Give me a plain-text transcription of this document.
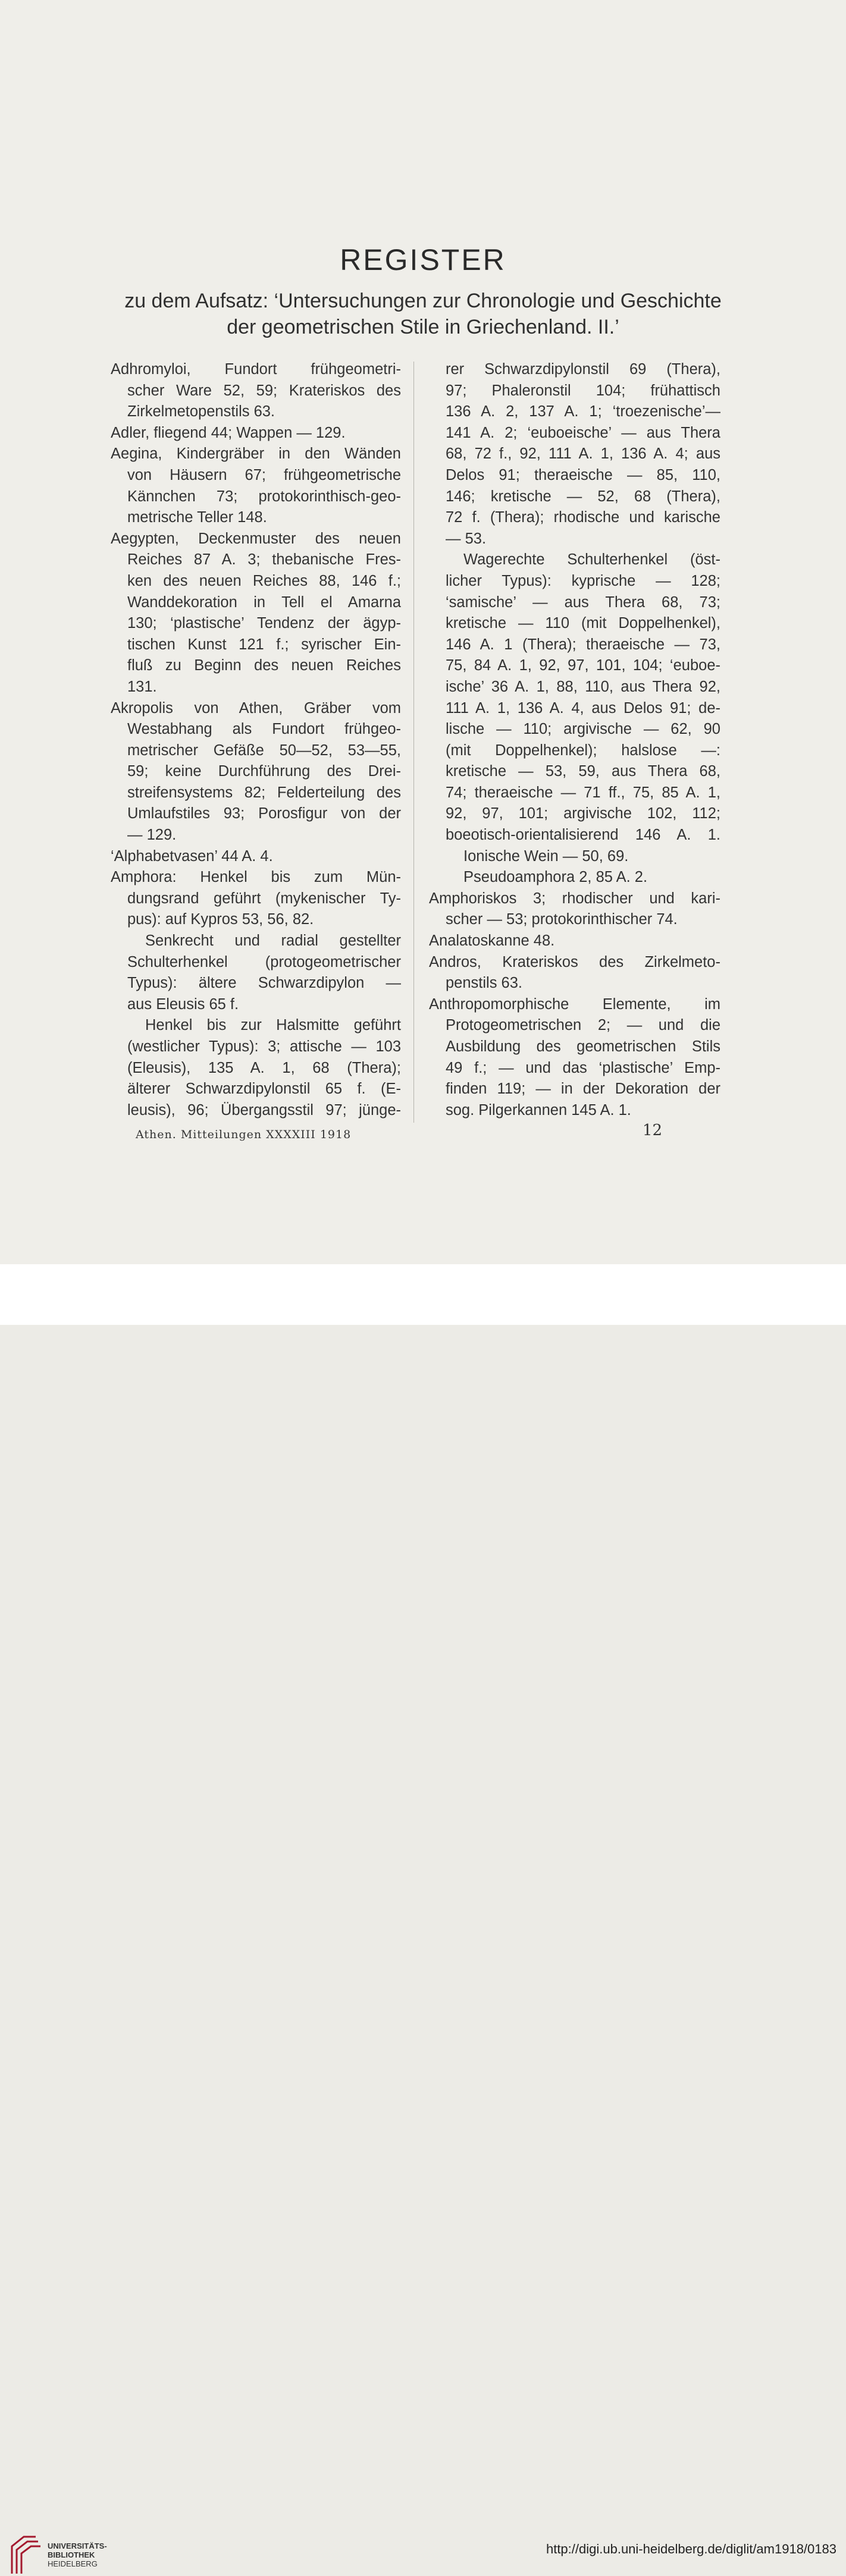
REGISTER
zu dem Aufsatz: ‘Untersuchungen zur Chronologie und Geschichte
der geometrischen Stile in Griechenland. II.’
Adhromyloi, Fundort frühgeometri-
scher Ware 52, 59; Krateriskos des
Zirkelmetopenstils 63.
Adler, fliegend 44; Wappen — 129.
Aegina, Kindergräber in den Wänden
von Häusern 67; frühgeometrische
Kännchen 73; protokorinthisch-geo-
metrische Teller 148.
Aegypten, Deckenmuster des neuen
Reiches 87 A. 3; thebanische Fres-
ken des neuen Reiches 88, 146 f.;
Wanddekoration in Tell el Amarna
130; ‘plastische’ Tendenz der ägyp-
tischen Kunst 121 f.; syrischer Ein-
fluß zu Beginn des neuen Reiches
131.
Akropolis von Athen, Gräber vom
Westabhang als Fundort frühgeo-
metrischer Gefäße 50—52, 53—55,
59; keine Durchführung des Drei-
streifensystems 82; Felderteilung des
Umlaufstiles 93; Porosfigur von der
— 129.
‘Alphabetvasen’ 44 A. 4.
Amphora: Henkel bis zum Mün-
dungsrand geführt (mykenischer Ty-
pus): auf Kypros 53, 56, 82.
Senkrecht und radial gestellter
Schulterhenkel (protogeometrischer
Typus): ältere Schwarzdipylon —
aus Eleusis 65 f.
Henkel bis zur Halsmitte geführt
(westlicher Typus): 3; attische — 103
(Eleusis), 135 A. 1, 68 (Thera);
älterer Schwarzdipylonstil 65 f. (E-
leusis), 96; Übergangsstil 97; jünge-
rer Schwarzdipylonstil 69 (Thera),
97; Phaleronstil 104; frühattisch
136 A. 2, 137 A. 1; ‘troezenische’—
141 A. 2; ‘euboeische’ — aus Thera
68, 72 f., 92, 111 A. 1, 136 A. 4; aus
Delos 91; theraeische — 85, 110,
146; kretische — 52, 68 (Thera),
72 f. (Thera); rhodische und karische
— 53.
Wagerechte Schulterhenkel (öst-
licher Typus): kyprische — 128;
‘samische’ — aus Thera 68, 73;
kretische — 110 (mit Doppelhenkel),
146 A. 1 (Thera); theraeische — 73,
75, 84 A. 1, 92, 97, 101, 104; ‘euboe-
ische’ 36 A. 1, 88, 110, aus Thera 92,
111 A. 1, 136 A. 4, aus Delos 91; de-
lische — 110; argivische — 62, 90
(mit Doppelhenkel); halslose —:
kretische — 53, 59, aus Thera 68,
74; theraeische — 71 ff., 75, 85 A. 1,
92, 97, 101; argivische 102, 112;
boeotisch-orientalisierend 146 A. 1.
Ionische Wein — 50, 69.
Pseudoamphora 2, 85 A. 2.
Amphoriskos 3; rhodischer und kari-
scher — 53; protokorinthischer 74.
Analatoskanne 48.
Andros, Krateriskos des Zirkelmeto-
penstils 63.
Anthropomorphische Elemente, im
Protogeometrischen 2; — und die
Ausbildung des geometrischen Stils
49 f.; — und das ‘plastische’ Emp-
finden 119; — in der Dekoration der
sog. Pilgerkannen 145 A. 1.
Athen. Mitteilungen XXXXIII 1918	12
UNIVERSITÄTS-
BIBLIOTHEK
HEIDELBERG
http://digi.ub.uni-heidelberg.de/diglit/am1918/0183
